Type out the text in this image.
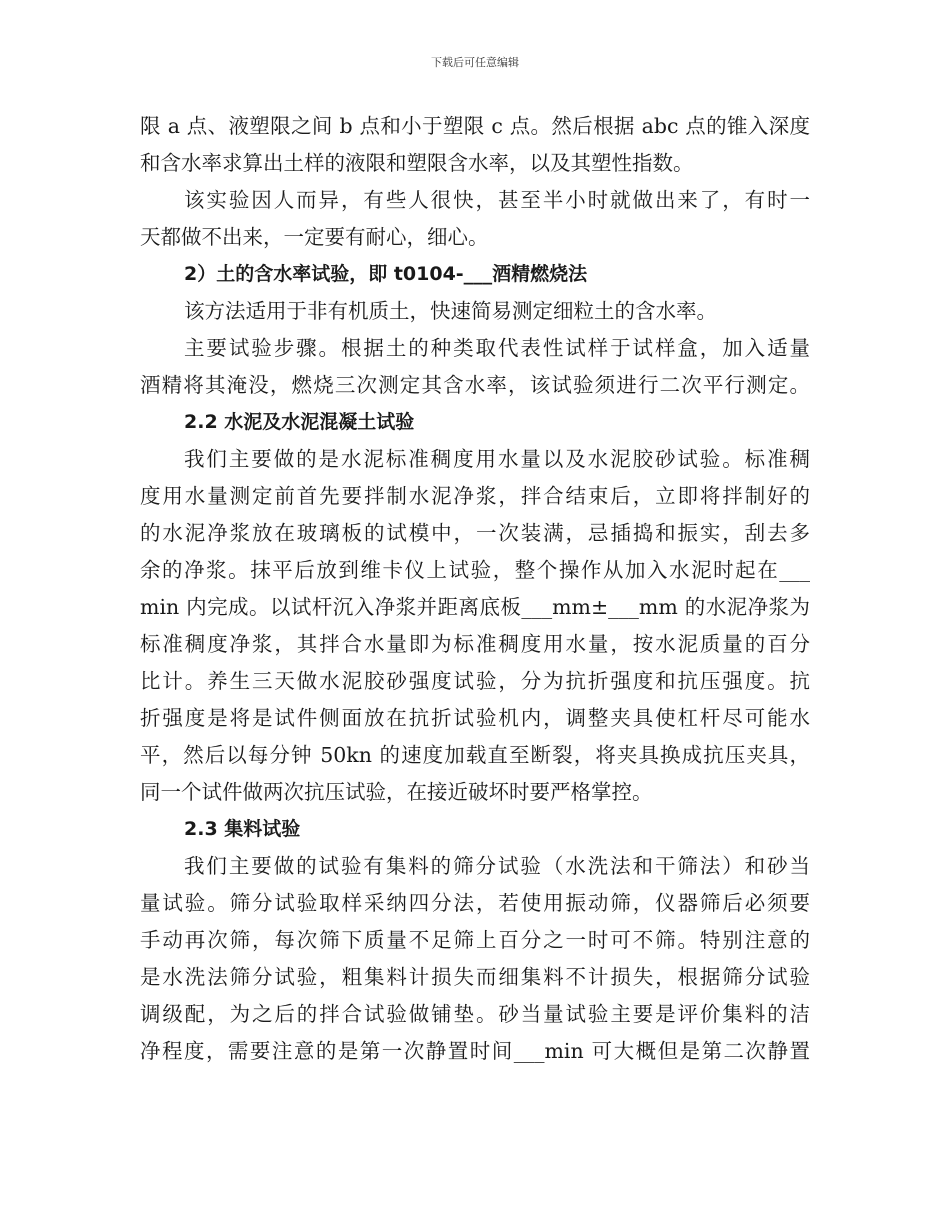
下载后可任意编辑
限 a 点、液塑限之间 b 点和小于塑限 c 点。然后根据 abc 点的锥入深度
和含水率求算出土样的液限和塑限含水率，以及其塑性指数。
该实验因人而异，有些人很快，甚至半小时就做出来了，有时一
天都做不出来，一定要有耐心，细心。
2）土的含水率试验，即 t0104-___酒精燃烧法
该方法适用于非有机质土，快速简易测定细粒土的含水率。
主要试验步骤。根据土的种类取代表性试样于试样盒，加入适量
酒精将其淹没，燃烧三次测定其含水率，该试验须进行二次平行测定。
2.2 水泥及水泥混凝土试验
我们主要做的是水泥标准稠度用水量以及水泥胶砂试验。标准稠
度用水量测定前首先要拌制水泥净浆，拌合结束后，立即将拌制好的
的水泥净浆放在玻璃板的试模中，一次装满，忌插捣和振实，刮去多
余的净浆。抹平后放到维卡仪上试验，整个操作从加入水泥时起在___
min 内完成。以试杆沉入净浆并距离底板___mm±___mm 的水泥净浆为
标准稠度净浆，其拌合水量即为标准稠度用水量，按水泥质量的百分
比计。养生三天做水泥胶砂强度试验，分为抗折强度和抗压强度。抗
折强度是将是试件侧面放在抗折试验机内，调整夹具使杠杆尽可能水
平，然后以每分钟 50kn 的速度加载直至断裂，将夹具换成抗压夹具，
同一个试件做两次抗压试验，在接近破坏时要严格掌控。
2.3 集料试验
我们主要做的试验有集料的筛分试验（水洗法和干筛法）和砂当
量试验。筛分试验取样采纳四分法，若使用振动筛，仪器筛后必须要
手动再次筛，每次筛下质量不足筛上百分之一时可不筛。特别注意的
是水洗法筛分试验，粗集料计损失而细集料不计损失，根据筛分试验
调级配，为之后的拌合试验做铺垫。砂当量试验主要是评价集料的洁
净程度，需要注意的是第一次静置时间___min 可大概但是第二次静置
